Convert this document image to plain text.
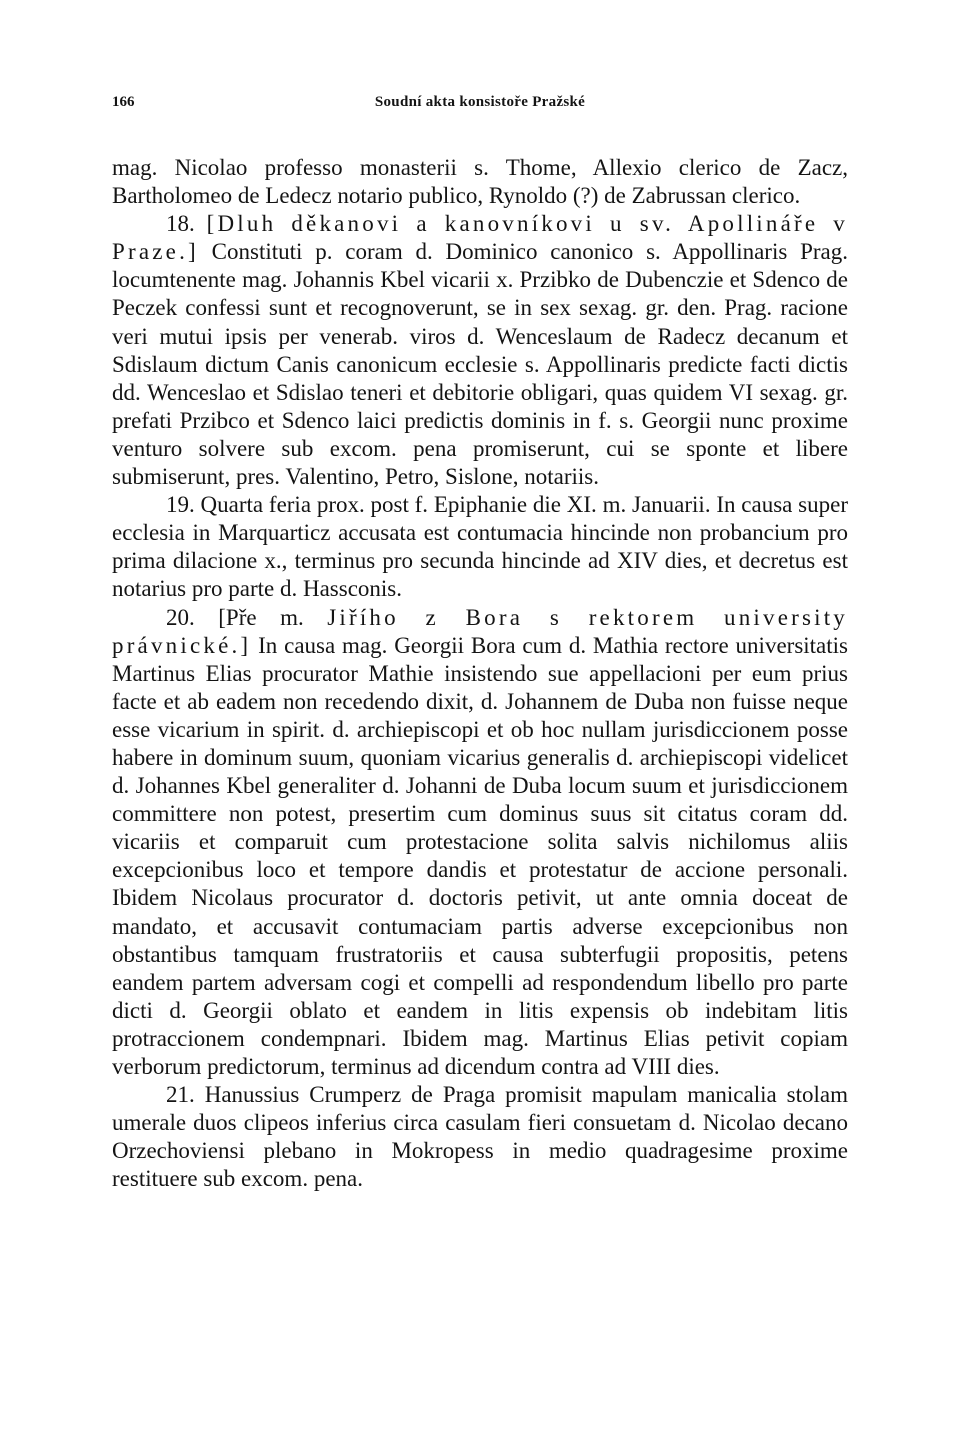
166	Soudní akta konsistoře Pražské

mag. Nicolao professo monasterii s. Thome, Allexio clerico de Zacz, Bartholomeo de Ledecz notario publico, Rynoldo (?) de Zabrussan clerico.

18. [Dluh děkanovi a kanovníkovi u sv. Apollináře v Praze.] Constituti p. coram d. Dominico canonico s. Appollinaris Prag. locumtenente mag. Johannis Kbel vicarii x. Przibko de Dubenczie et Sdenco de Peczek confessi sunt et recognoverunt, se in sex sexag. gr. den. Prag. racione veri mutui ipsis per venerab. viros d. Wenceslaum de Radecz decanum et Sdislaum dictum Canis canonicum ecclesie s. Appollinaris predicte facti dictis dd. Wenceslao et Sdislao teneri et debitorie obligari, quas quidem VI sexag. gr. prefati Przibco et Sdenco laici predictis dominis in f. s. Georgii nunc proxime venturo solvere sub excom. pena promiserunt, cui se sponte et libere submiserunt, pres. Valentino, Petro, Sislone, notariis.

19. Quarta feria prox. post f. Epiphanie die XI. m. Januarii. In causa super ecclesia in Marquarticz accusata est contumacia hincinde non probancium pro prima dilacione x., terminus pro secunda hincinde ad XIV dies, et decretus est notarius pro parte d. Hassconis.

20. [Pře m. Jiřího z Bora s rektorem university právnické.] In causa mag. Georgii Bora cum d. Mathia rectore universitatis Martinus Elias procurator Mathie insistendo sue appellacioni per eum prius facte et ab eadem non recedendo dixit, d. Johannem de Duba non fuisse neque esse vicarium in spirit. d. archiepiscopi et ob hoc nullam jurisdiccionem posse habere in dominum suum, quoniam vicarius generalis d. archiepiscopi videlicet d. Johannes Kbel generaliter d. Johanni de Duba locum suum et jurisdiccionem committere non potest, presertim cum dominus suus sit citatus coram dd. vicariis et comparuit cum protestacione solita salvis nichilomus aliis excepcionibus loco et tempore dandis et protestatur de accione personali. Ibidem Nicolaus procurator d. doctoris petivit, ut ante omnia doceat de mandato, et accusavit contumaciam partis adverse excepcionibus non obstantibus tamquam frustratoriis et causa subterfugii propositis, petens eandem partem adversam cogi et compelli ad respondendum libello pro parte dicti d. Georgii oblato et eandem in litis expensis ob indebitam litis protraccionem condempnari. Ibidem mag. Martinus Elias petivit copiam verborum predictorum, terminus ad dicendum contra ad VIII dies.

21. Hanussius Crumperz de Praga promisit mapulam manicalia stolam umerale duos clipeos inferius circa casulam fieri consuetam d. Nicolao decano Orzechoviensi plebano in Mokropess in medio quadragesime proxime restituere sub excom. pena.
